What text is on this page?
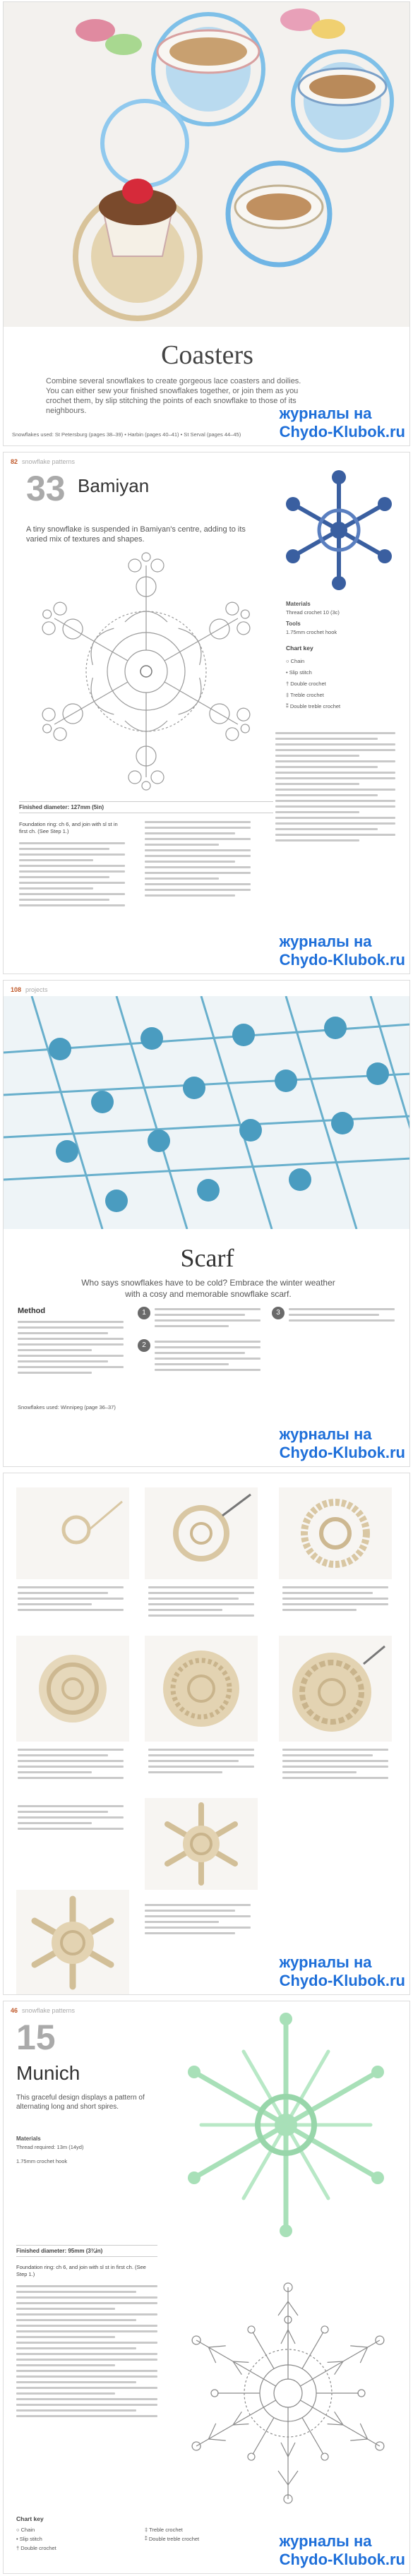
Coasters
Combine several snowflakes to create gorgeous lace coasters and doilies. You can either sew your finished snowflakes together, or join them as you crochet them, by slip stitching the points of each snowflake to those of its neighbours.
Snowflakes used: St Petersburg (pages 38–39) • Harbin (pages 40–41) • St Serval (pages 44–45)
журналы на
Chydo-Klubok.ru
82 snowflake patterns
33 Bamiyan
A tiny snowflake is suspended in Bamiyan's centre, adding to its varied mix of textures and shapes.
Materials
Thread crochet 10 (3c)
Tools
1.75mm crochet hook
Chart key
○ Chain
• Slip stitch
† Double crochet
‡ Treble crochet
⁑ Double treble crochet
Finished diameter: 127mm (5in)
Foundation ring: ch 6, and join with sl st in first ch. (See Step 1.)
журналы на
Chydo-Klubok.ru
108 projects
Scarf
Who says snowflakes have to be cold? Embrace the winter weather with a cosy and memorable snowflake scarf.
Method	1
2
3
Snowflakes used: Winnipeg (page 36–37)
журналы на
Chydo-Klubok.ru
журналы на
Chydo-Klubok.ru
46 snowflake patterns
15
Munich
This graceful design displays a pattern of alternating long and short spires.
Materials
Thread required: 13m (14yd)
1.75mm crochet hook
Finished diameter: 95mm (3¾in)
Foundation ring: ch 6, and join with sl st in first ch. (See Step 1.)
Chart key
○ Chain
• Slip stitch
† Double crochet
‡ Treble crochet
⁑ Double treble crochet	журналы на
Chydo-Klubok.ru
